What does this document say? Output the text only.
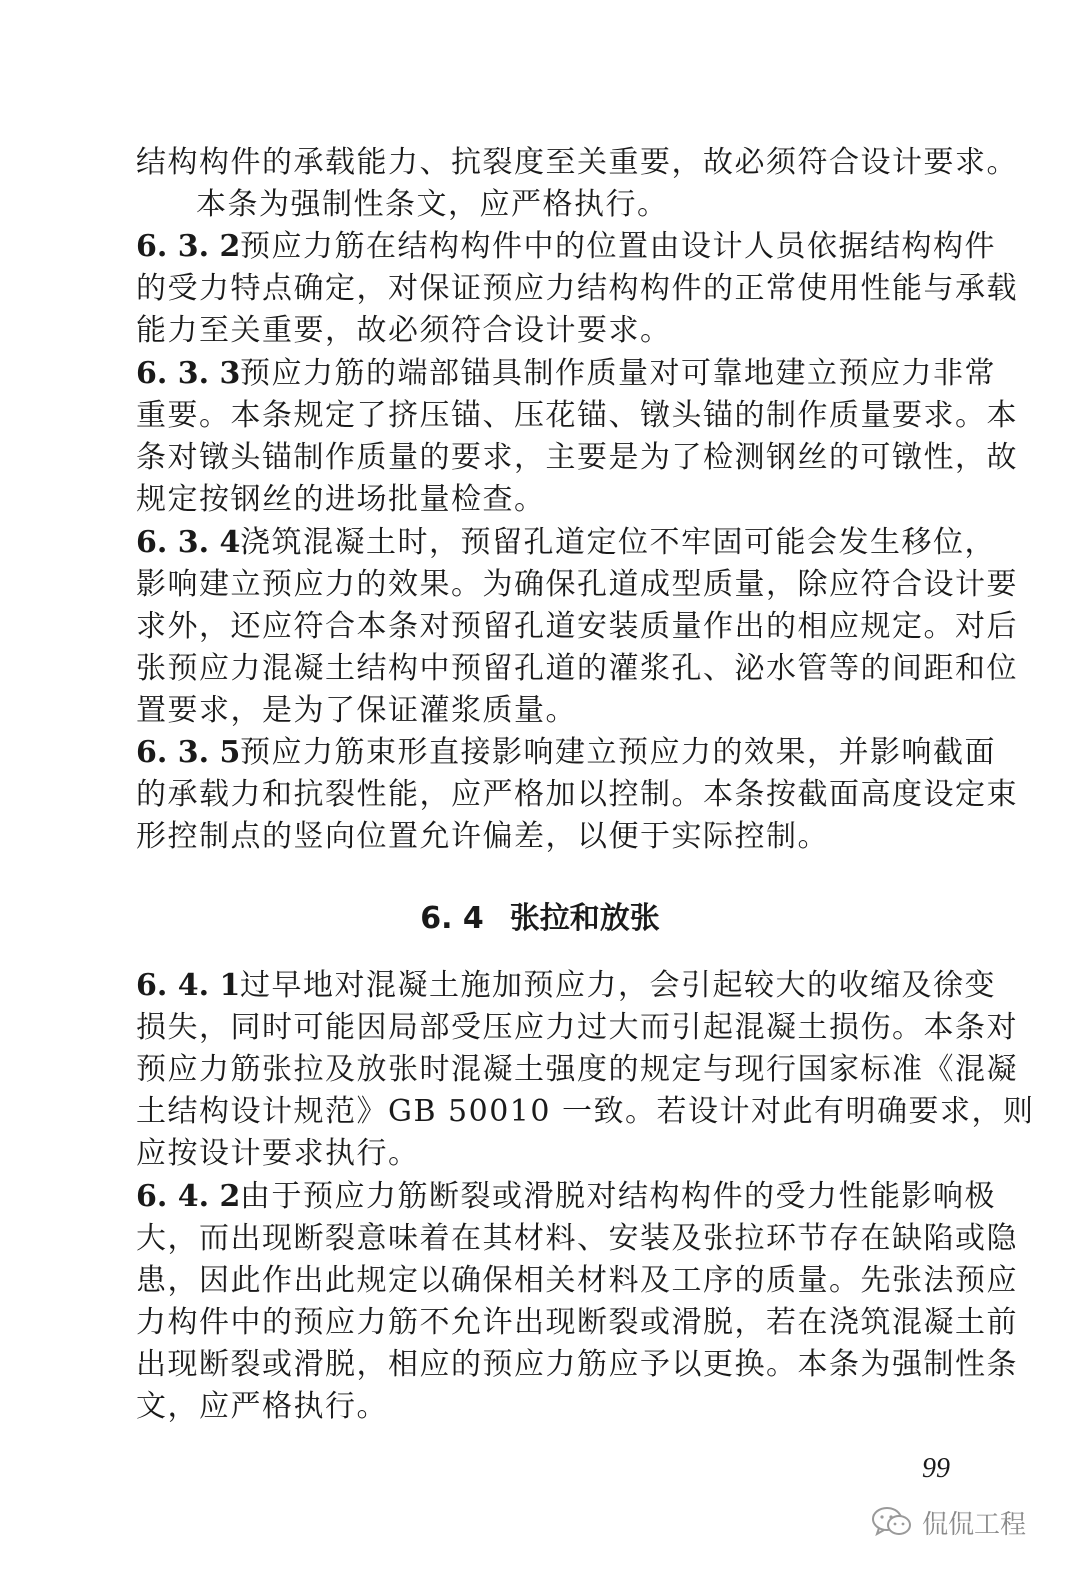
结构构件的承载能力、抗裂度至关重要，故必须符合设计要求。
本条为强制性条文，应严格执行。
6. 3. 2预应力筋在结构构件中的位置由设计人员依据结构构件
的受力特点确定，对保证预应力结构构件的正常使用性能与承载
能力至关重要，故必须符合设计要求。
6. 3. 3预应力筋的端部锚具制作质量对可靠地建立预应力非常
重要。本条规定了挤压锚、压花锚、镦头锚的制作质量要求。本
条对镦头锚制作质量的要求，主要是为了检测钢丝的可镦性，故
规定按钢丝的进场批量检查。
6. 3. 4浇筑混凝土时，预留孔道定位不牢固可能会发生移位，
影响建立预应力的效果。为确保孔道成型质量，除应符合设计要
求外，还应符合本条对预留孔道安装质量作出的相应规定。对后
张预应力混凝土结构中预留孔道的灌浆孔、泌水管等的间距和位
置要求，是为了保证灌浆质量。
6. 3. 5预应力筋束形直接影响建立预应力的效果，并影响截面
的承载力和抗裂性能，应严格加以控制。本条按截面高度设定束
形控制点的竖向位置允许偏差，以便于实际控制。
6. 4 张拉和放张
6. 4. 1过早地对混凝土施加预应力，会引起较大的收缩及徐变
损失，同时可能因局部受压应力过大而引起混凝土损伤。本条对
预应力筋张拉及放张时混凝土强度的规定与现行国家标准《混凝
土结构设计规范》GB 50010 一致。若设计对此有明确要求，则
应按设计要求执行。
6. 4. 2由于预应力筋断裂或滑脱对结构构件的受力性能影响极
大，而出现断裂意味着在其材料、安装及张拉环节存在缺陷或隐
患，因此作出此规定以确保相关材料及工序的质量。先张法预应
力构件中的预应力筋不允许出现断裂或滑脱，若在浇筑混凝土前
出现断裂或滑脱，相应的预应力筋应予以更换。本条为强制性条
文，应严格执行。
99
侃侃工程
